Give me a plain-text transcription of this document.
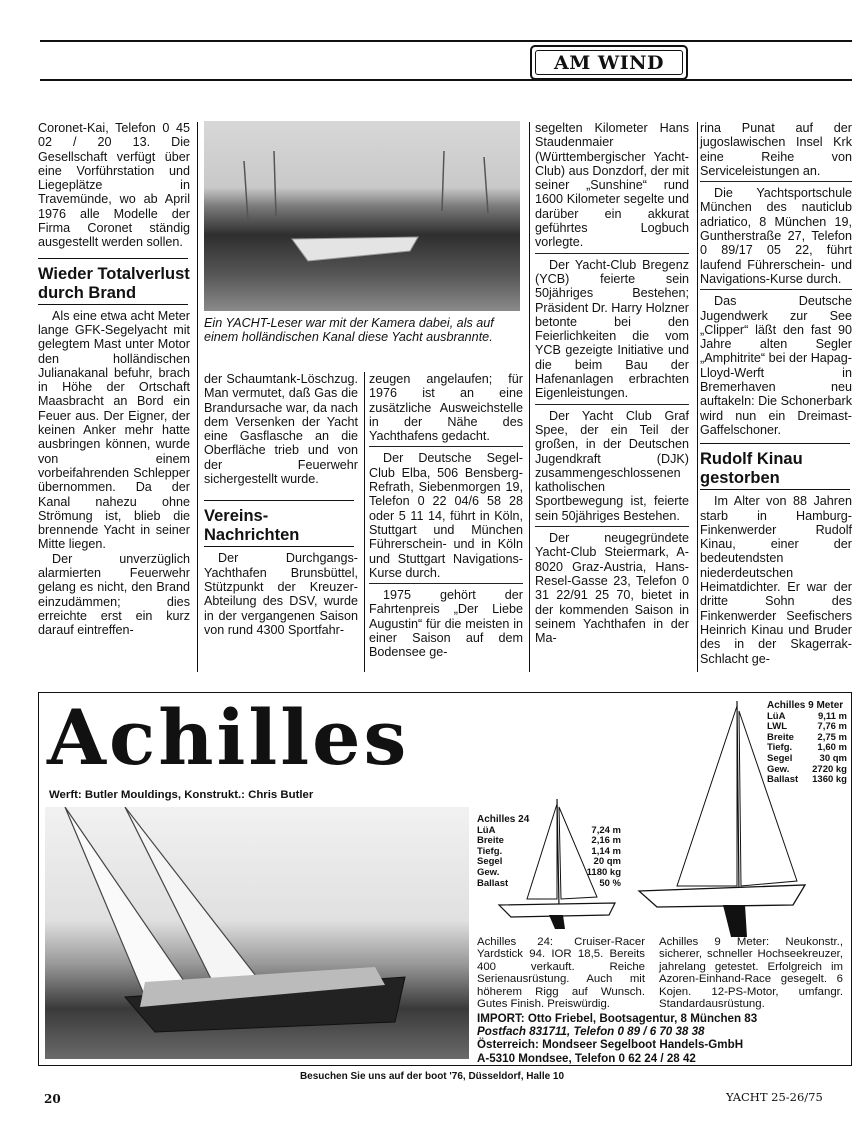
AM WIND

Coronet-Kai, Telefon 0 45 02 / 20 13. Die Gesellschaft verfügt über eine Vorführstation und Liegeplätze in Travemünde, wo ab April 1976 alle Modelle der Firma Coronet ständig ausgestellt werden sollen.

Wieder Totalverlust durch Brand

Als eine etwa acht Meter lange GFK-Segelyacht mit gelegtem Mast unter Motor den holländischen Julianakanal befuhr, brach in Höhe der Ortschaft Maasbracht an Bord ein Feuer aus. Der Eigner, der keinen Anker mehr hatte ausbringen können, wurde von einem vorbeifahrenden Schlepper übernommen. Da der Kanal nahezu ohne Strömung ist, blieb die brennende Yacht in seiner Mitte liegen.

Der unverzüglich alarmierten Feuerwehr gelang es nicht, den Brand einzudämmen; dies erreichte erst ein kurz darauf eintreffen-

Ein YACHT-Leser war mit der Kamera dabei, als auf einem holländischen Kanal diese Yacht ausbrannte.

der Schaumtank-Löschzug. Man vermutet, daß Gas die Brandursache war, da nach dem Versenken der Yacht eine Gasflasche an die Oberfläche trieb und von der Feuerwehr sichergestellt wurde.

Vereins-Nachrichten

Der Durchgangs-Yachthafen Brunsbüttel, Stützpunkt der Kreuzer-Abteilung des DSV, wurde in der vergangenen Saison von rund 4300 Sportfahr-

zeugen angelaufen; für 1976 ist an eine zusätzliche Ausweichstelle in der Nähe des Yachthafens gedacht.

Der Deutsche Segel-Club Elba, 506 Bensberg-Refrath, Siebenmorgen 19, Telefon 0 22 04/6 58 28 oder 5 11 14, führt in Köln, Stuttgart und München Führerschein- und in Köln und Stuttgart Navigations-Kurse durch.

1975 gehört der Fahrtenpreis „Der Liebe Augustin“ für die meisten in einer Saison auf dem Bodensee ge-

segelten Kilometer Hans Staudenmaier (Württembergischer Yacht-Club) aus Donzdorf, der mit seiner „Sunshine“ rund 1600 Kilometer segelte und darüber ein akkurat geführtes Logbuch vorlegte.

Der Yacht-Club Bregenz (YCB) feierte sein 50jähriges Bestehen; Präsident Dr. Harry Holzner betonte bei den Feierlichkeiten die vom YCB gezeigte Initiative und die beim Bau der Hafenanlagen erbrachten Eigenleistungen.

Der Yacht Club Graf Spee, der ein Teil der großen, in der Deutschen Jugendkraft (DJK) zusammengeschlossenen katholischen Sportbewegung ist, feierte sein 50jähriges Bestehen.

Der neugegründete Yacht-Club Steiermark, A-8020 Graz-Austria, Hans-Resel-Gasse 23, Telefon 0 31 22/91 25 70, bietet in der kommenden Saison in seinem Yachthafen in der Ma-

rina Punat auf der jugoslawischen Insel Krk eine Reihe von Serviceleistungen an.

Die Yachtsportschule München des nauticlub adriatico, 8 München 19, Guntherstraße 27, Telefon 0 89/17 05 22, führt laufend Führerschein- und Navigations-Kurse durch.

Das Deutsche Jugendwerk zur See „Clipper“ läßt den fast 90 Jahre alten Segler „Amphitrite“ bei der Hapag-Lloyd-Werft in Bremerhaven neu auftakeln: Die Schonerbark wird nun ein Dreimast-Gaffelschoner.

Rudolf Kinau gestorben

Im Alter von 88 Jahren starb in Hamburg-Finkenwerder Rudolf Kinau, einer der bedeutendsten niederdeutschen Heimatdichter. Er war der dritte Sohn des Finkenwerder Seefischers Heinrich Kinau und Bruder des in der Skagerrak-Schlacht ge-

Achilles
Werft: Butler Mouldings, Konstrukt.: Chris Butler
Achilles 24
LüA	7,24 m
Breite	2,16 m
Tiefg.	1,14 m
Segel	20 qm
Gew.	1180 kg
Ballast	50 %
Achilles 9 Meter
LüA	9,11 m
LWL	7,76 m
Breite 2,75 m
Tiefg.	1,60 m
Segel	30 qm
Gew. 2720 kg
Ballast 1360 kg
Achilles 24: Cruiser-Racer Yardstick 94. IOR 18,5. Bereits 400 verkauft. Reiche Serienausrüstung. Auch mit höherem Rigg auf Wunsch. Gutes Finish. Preiswürdig.
Achilles 9 Meter: Neukonstr., sicherer, schneller Hochseekreuzer, jahrelang getestet. Erfolgreich im Azoren-Einhand-Race gesegelt. 6 Kojen. 12-PS-Motor, umfangr. Standardausrüstung.
IMPORT: Otto Friebel, Bootsagentur, 8 München 83
Postfach 831711, Telefon 0 89 / 6 70 38 38
Österreich: Mondseer Segelboot Handels-GmbH
A-5310 Mondsee, Telefon 0 62 24 / 28 42
Besuchen Sie uns auf der boot '76, Düsseldorf, Halle 10
20	YACHT 25-26/75
